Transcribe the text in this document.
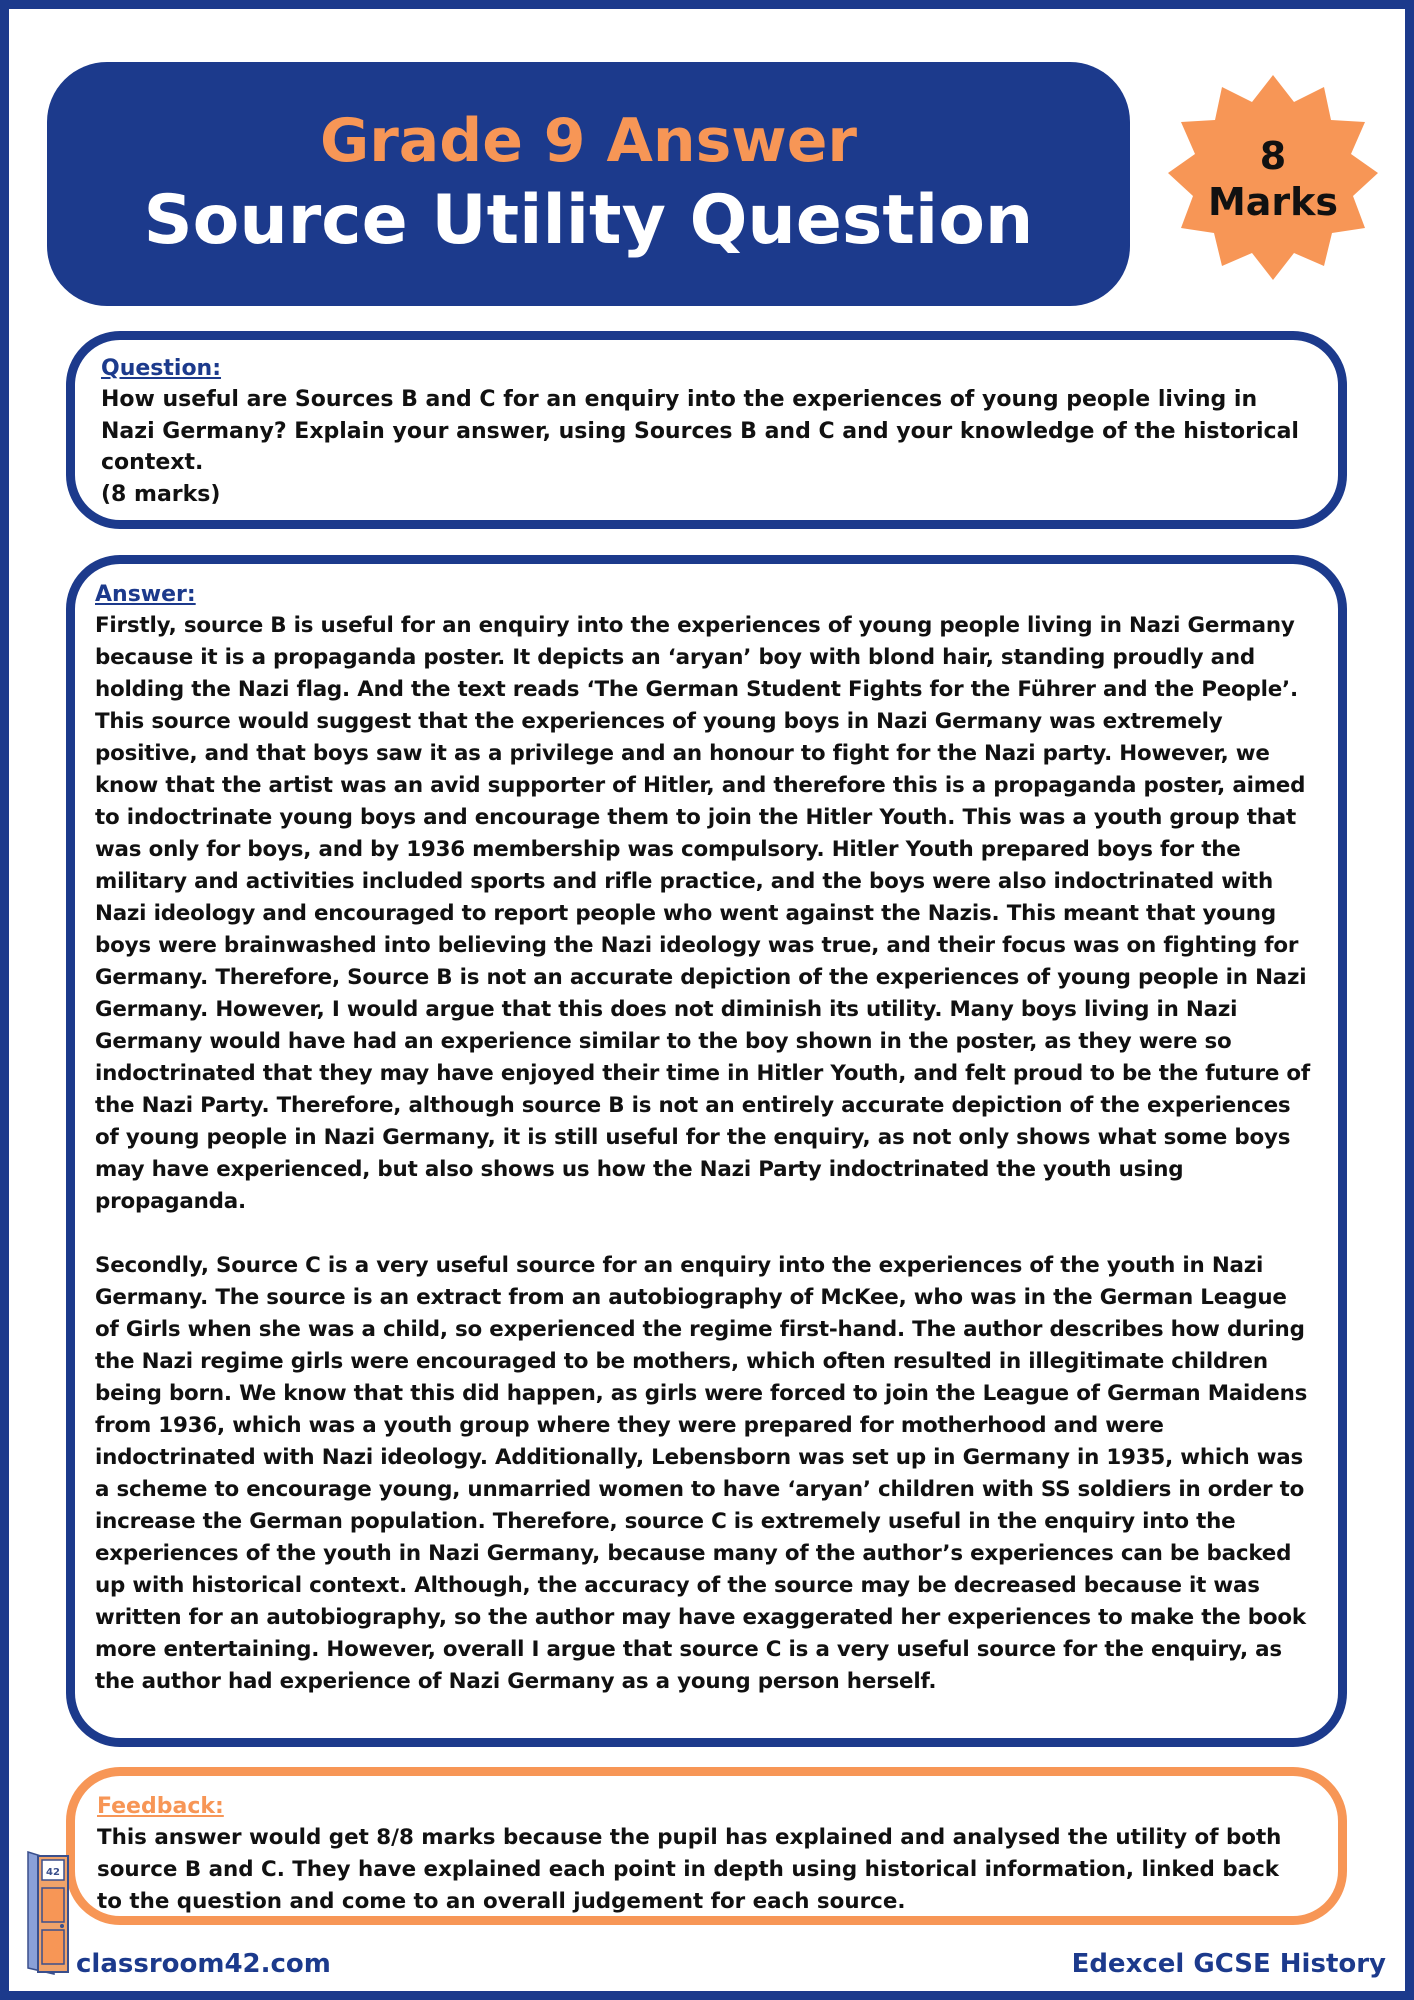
Grade 9 Answer
Source Utility Question
8
Marks
Question:
How useful are Sources B and C for an enquiry into the experiences of young people living in Nazi Germany? Explain your answer, using Sources B and C and your knowledge of the historical context.
(8 marks)
Answer:
Firstly, source B is useful for an enquiry into the experiences of young people living in Nazi Germany because it is a propaganda poster. It depicts an ‘aryan’ boy with blond hair, standing proudly and holding the Nazi flag. And the text reads ‘The German Student Fights for the Führer and the People’. This source would suggest that the experiences of young boys in Nazi Germany was extremely positive, and that boys saw it as a privilege and an honour to fight for the Nazi party. However, we know that the artist was an avid supporter of Hitler, and therefore this is a propaganda poster, aimed to indoctrinate young boys and encourage them to join the Hitler Youth. This was a youth group that was only for boys, and by 1936 membership was compulsory. Hitler Youth prepared boys for the military and activities included sports and rifle practice, and the boys were also indoctrinated with Nazi ideology and encouraged to report people who went against the Nazis. This meant that young boys were brainwashed into believing the Nazi ideology was true, and their focus was on fighting for Germany. Therefore, Source B is not an accurate depiction of the experiences of young people in Nazi Germany. However, I would argue that this does not diminish its utility. Many boys living in Nazi Germany would have had an experience similar to the boy shown in the poster, as they were so indoctrinated that they may have enjoyed their time in Hitler Youth, and felt proud to be the future of the Nazi Party. Therefore, although source B is not an entirely accurate depiction of the experiences of young people in Nazi Germany, it is still useful for the enquiry, as not only shows what some boys may have experienced, but also shows us how the Nazi Party indoctrinated the youth using propaganda.
Secondly, Source C is a very useful source for an enquiry into the experiences of the youth in Nazi Germany. The source is an extract from an autobiography of McKee, who was in the German League of Girls when she was a child, so experienced the regime first-hand. The author describes how during the Nazi regime girls were encouraged to be mothers, which often resulted in illegitimate children being born. We know that this did happen, as girls were forced to join the League of German Maidens from 1936, which was a youth group where they were prepared for motherhood and were indoctrinated with Nazi ideology. Additionally, Lebensborn was set up in Germany in 1935, which was a scheme to encourage young, unmarried women to have ‘aryan’ children with SS soldiers in order to increase the German population. Therefore, source C is extremely useful in the enquiry into the experiences of the youth in Nazi Germany, because many of the author’s experiences can be backed up with historical context. Although, the accuracy of the source may be decreased because it was written for an autobiography, so the author may have exaggerated her experiences to make the book more entertaining. However, overall I argue that source C is a very useful source for the enquiry, as the author had experience of Nazi Germany as a young person herself.
Feedback:
This answer would get 8/8 marks because the pupil has explained and analysed the utility of both source B and C. They have explained each point in depth using historical information, linked back to the question and come to an overall judgement for each source.
42
classroom42.com	Edexcel GCSE History
